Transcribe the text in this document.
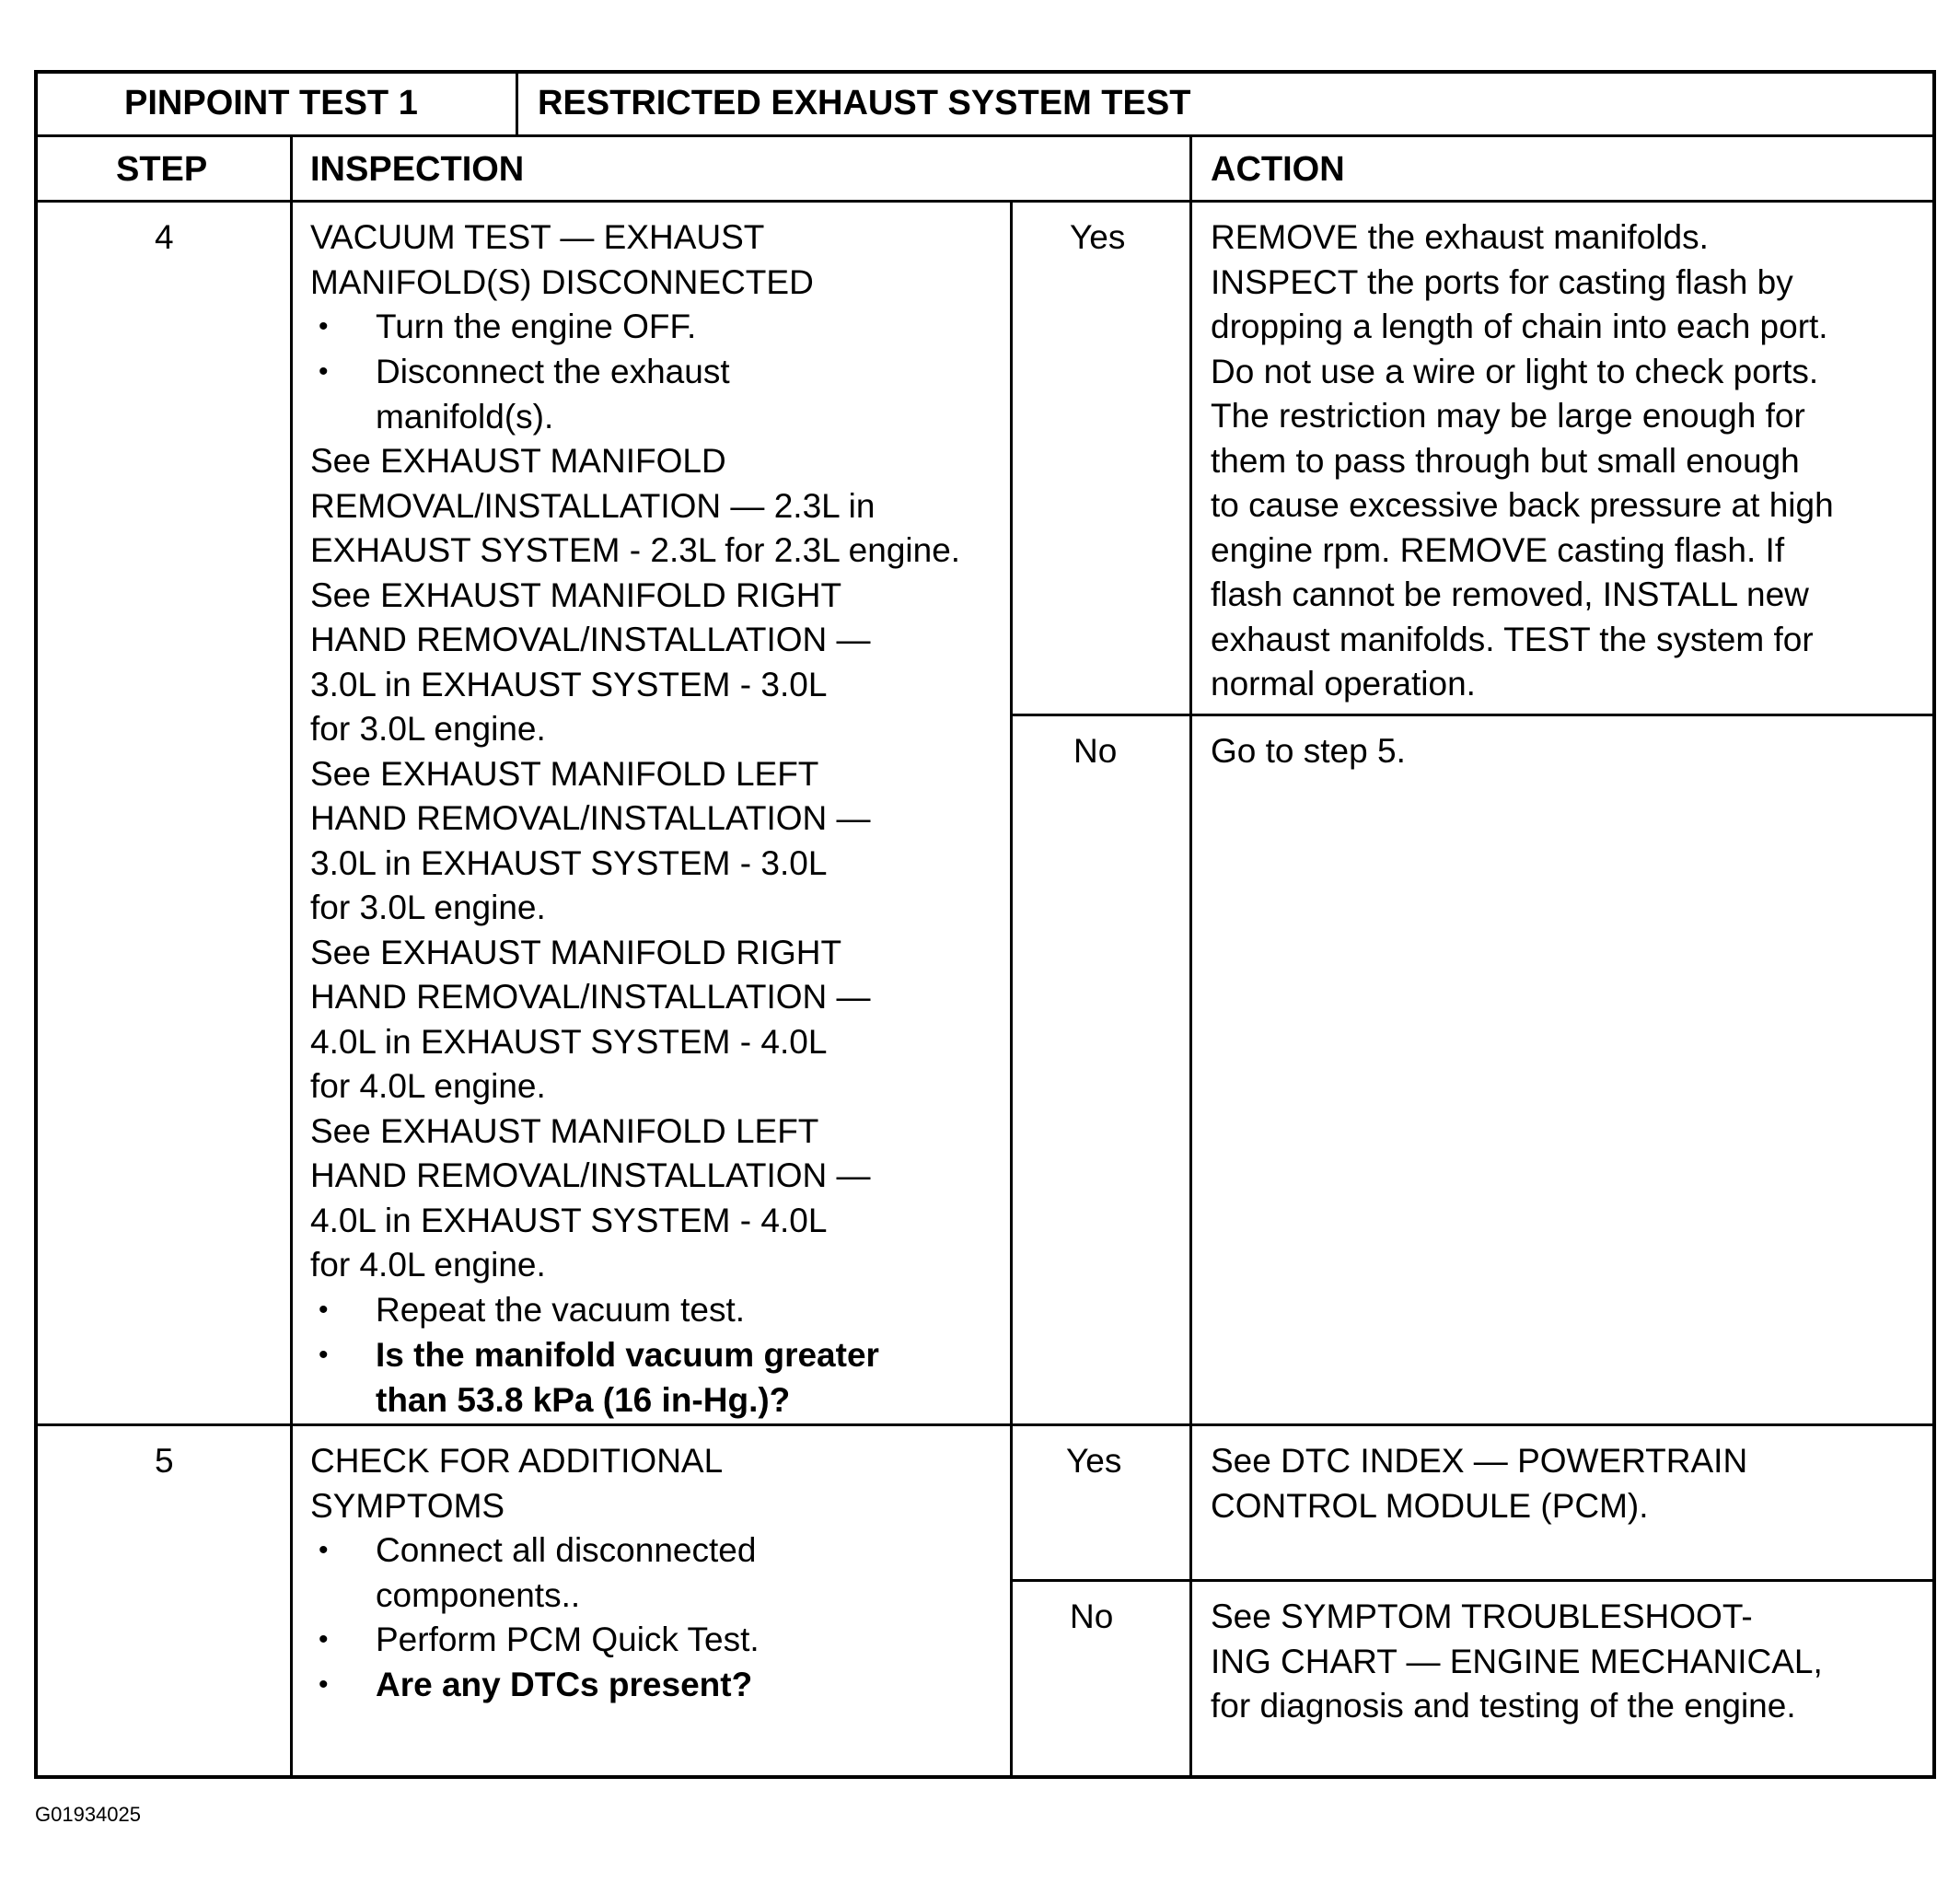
PINPOINT TEST 1	RESTRICTED EXHAUST SYSTEM TEST
STEP	INSPECTION	ACTION
4	VACUUM TEST — EXHAUST
MANIFOLD(S) DISCONNECTED
• Turn the engine OFF.
• Disconnect the exhaust
manifold(s).
See EXHAUST MANIFOLD
REMOVAL/INSTALLATION — 2.3L in
EXHAUST SYSTEM - 2.3L for 2.3L engine.
See EXHAUST MANIFOLD RIGHT
HAND REMOVAL/INSTALLATION —
3.0L in EXHAUST SYSTEM - 3.0L
for 3.0L engine.
See EXHAUST MANIFOLD LEFT
HAND REMOVAL/INSTALLATION —
3.0L in EXHAUST SYSTEM - 3.0L
for 3.0L engine.
See EXHAUST MANIFOLD RIGHT
HAND REMOVAL/INSTALLATION —
4.0L in EXHAUST SYSTEM - 4.0L
for 4.0L engine.
See EXHAUST MANIFOLD LEFT
HAND REMOVAL/INSTALLATION —
4.0L in EXHAUST SYSTEM - 4.0L
for 4.0L engine.
• Repeat the vacuum test.
• Is the manifold vacuum greater
than 53.8 kPa (16 in-Hg.)?
Yes	REMOVE the exhaust manifolds.
INSPECT the ports for casting flash by
dropping a length of chain into each port.
Do not use a wire or light to check ports.
The restriction may be large enough for
them to pass through but small enough
to cause excessive back pressure at high
engine rpm. REMOVE casting flash. If
flash cannot be removed, INSTALL new
exhaust manifolds. TEST the system for
normal operation.
No	Go to step 5.
5	CHECK FOR ADDITIONAL
SYMPTOMS
• Connect all disconnected
components..
• Perform PCM Quick Test.
• Are any DTCs present?
Yes	See DTC INDEX — POWERTRAIN
CONTROL MODULE (PCM).
No	See SYMPTOM TROUBLESHOOT-
ING CHART — ENGINE MECHANICAL,
for diagnosis and testing of the engine.
G01934025
